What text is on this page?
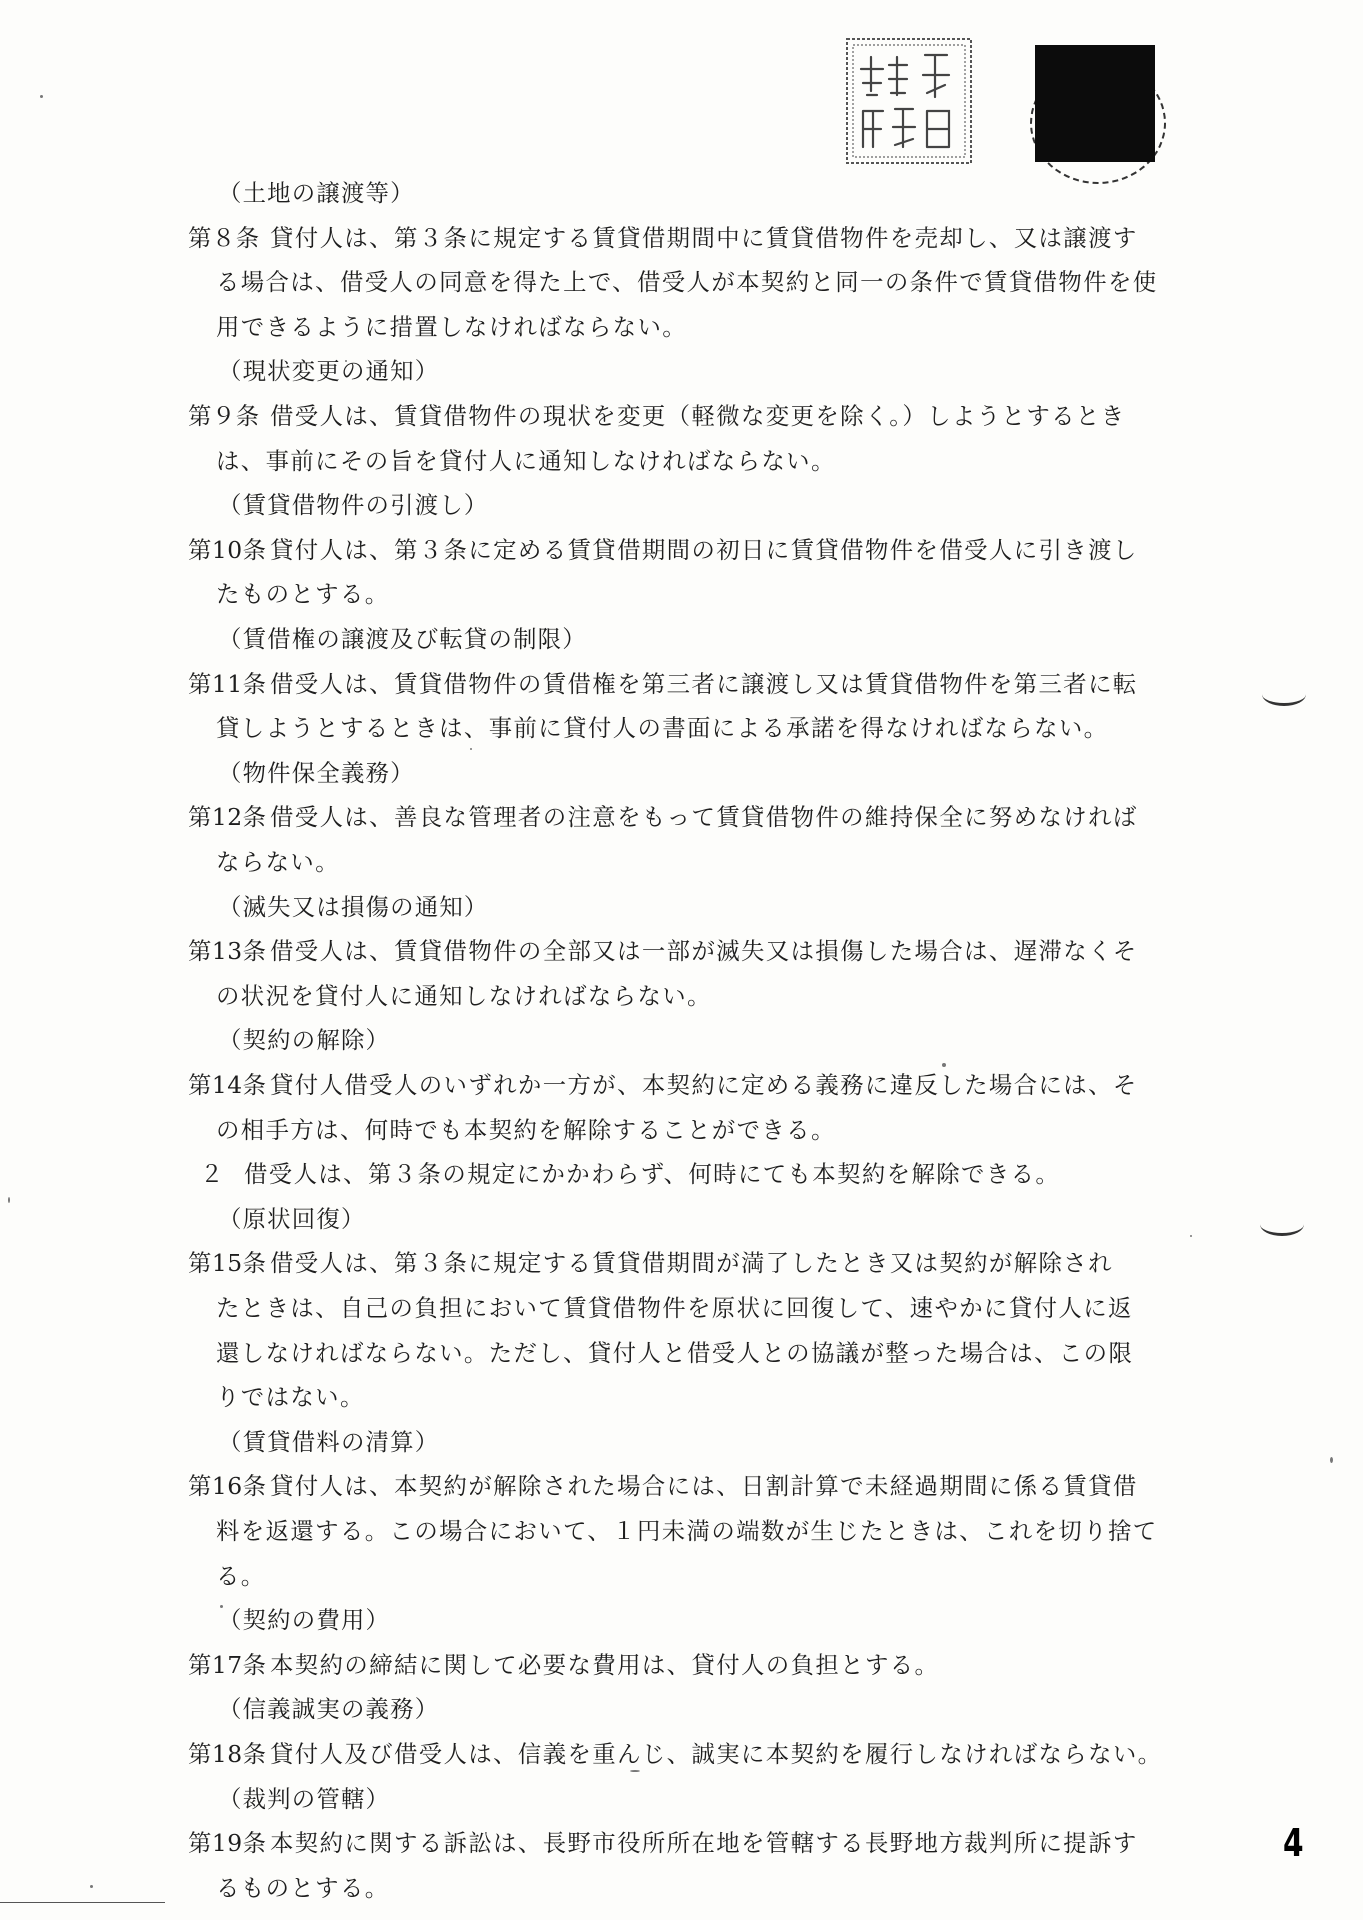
（土地の譲渡等）
第８条 貸付人は、第３条に規定する賃貸借期間中に賃貸借物件を売却し、又は譲渡す
る場合は、借受人の同意を得た上で、借受人が本契約と同一の条件で賃貸借物件を使
用できるように措置しなければならない。
（現状変更の通知）
第９条 借受人は、賃貸借物件の現状を変更（軽微な変更を除く。）しようとするとき
は、事前にその旨を貸付人に通知しなければならない。
（賃貸借物件の引渡し）
第10条 貸付人は、第３条に定める賃貸借期間の初日に賃貸借物件を借受人に引き渡し
たものとする。
（賃借権の譲渡及び転貸の制限）
第11条 借受人は、賃貸借物件の賃借権を第三者に譲渡し又は賃貸借物件を第三者に転
貸しようとするときは、事前に貸付人の書面による承諾を得なければならない。
（物件保全義務）
第12条 借受人は、善良な管理者の注意をもって賃貸借物件の維持保全に努めなければ
ならない。
（滅失又は損傷の通知）
第13条 借受人は、賃貸借物件の全部又は一部が滅失又は損傷した場合は、遅滞なくそ
の状況を貸付人に通知しなければならない。
（契約の解除）
第14条 貸付人借受人のいずれか一方が、本契約に定める義務に違反した場合には、そ
の相手方は、何時でも本契約を解除することができる。
２ 借受人は、第３条の規定にかかわらず、何時にても本契約を解除できる。
（原状回復）
第15条 借受人は、第３条に規定する賃貸借期間が満了したとき又は契約が解除され
たときは、自己の負担において賃貸借物件を原状に回復して、速やかに貸付人に返
還しなければならない。ただし、貸付人と借受人との協議が整った場合は、この限
りではない。
（賃貸借料の清算）
第16条 貸付人は、本契約が解除された場合には、日割計算で未経過期間に係る賃貸借
料を返還する。この場合において、１円未満の端数が生じたときは、これを切り捨て
る。
（契約の費用）
第17条 本契約の締結に関して必要な費用は、貸付人の負担とする。
（信義誠実の義務）
第18条 貸付人及び借受人は、信義を重んじ、誠実に本契約を履行しなければならない。
（裁判の管轄）
第19条 本契約に関する訴訟は、長野市役所所在地を管轄する長野地方裁判所に提訴す
るものとする。
4
